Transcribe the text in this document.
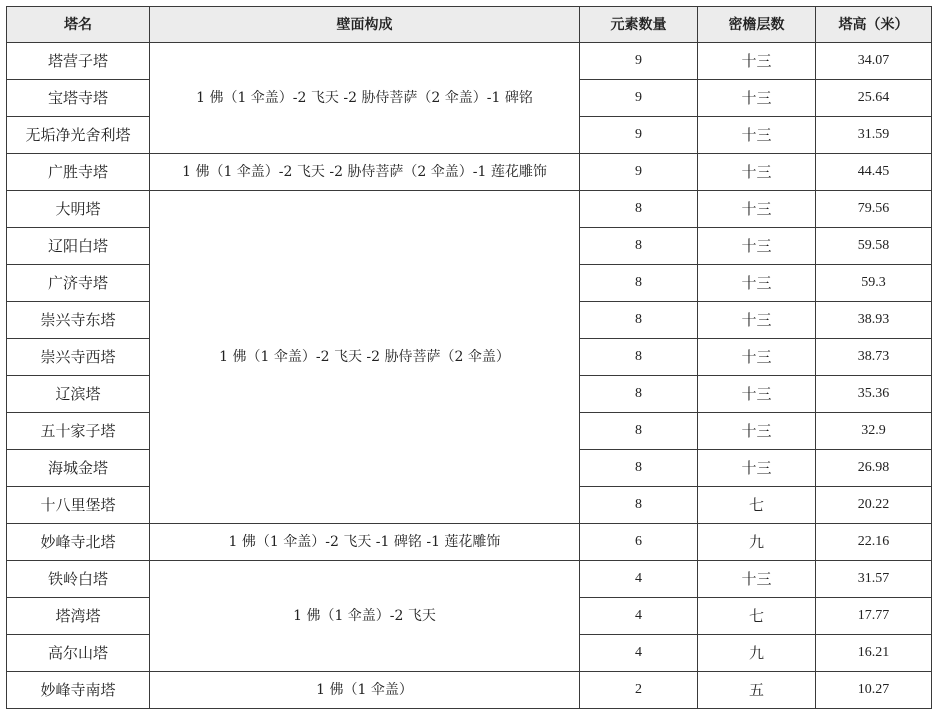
塔名	壁面构成	元素数量	密檐层数	塔高（米）
塔营子塔	1 佛（1 伞盖）-2 飞天 -2 胁侍菩萨（2 伞盖）-1 碑铭	9	十三	34.07
宝塔寺塔		9	十三	25.64
无垢净光舍利塔		9	十三	31.59
广胜寺塔	1 佛（1 伞盖）-2 飞天 -2 胁侍菩萨（2 伞盖）-1 莲花雕饰	9	十三	44.45
大明塔	1 佛（1 伞盖）-2 飞天 -2 胁侍菩萨（2 伞盖）	8	十三	79.56
辽阳白塔		8	十三	59.58
广济寺塔		8	十三	59.3
崇兴寺东塔		8	十三	38.93
崇兴寺西塔		8	十三	38.73
辽滨塔		8	十三	35.36
五十家子塔		8	十三	32.9
海城金塔		8	十三	26.98
十八里堡塔		8	七	20.22
妙峰寺北塔	1 佛（1 伞盖）-2 飞天 -1 碑铭 -1 莲花雕饰	6	九	22.16
铁岭白塔	1 佛（1 伞盖）-2 飞天	4	十三	31.57
塔湾塔		4	七	17.77
高尔山塔		4	九	16.21
妙峰寺南塔	1 佛（1 伞盖）	2	五	10.27
